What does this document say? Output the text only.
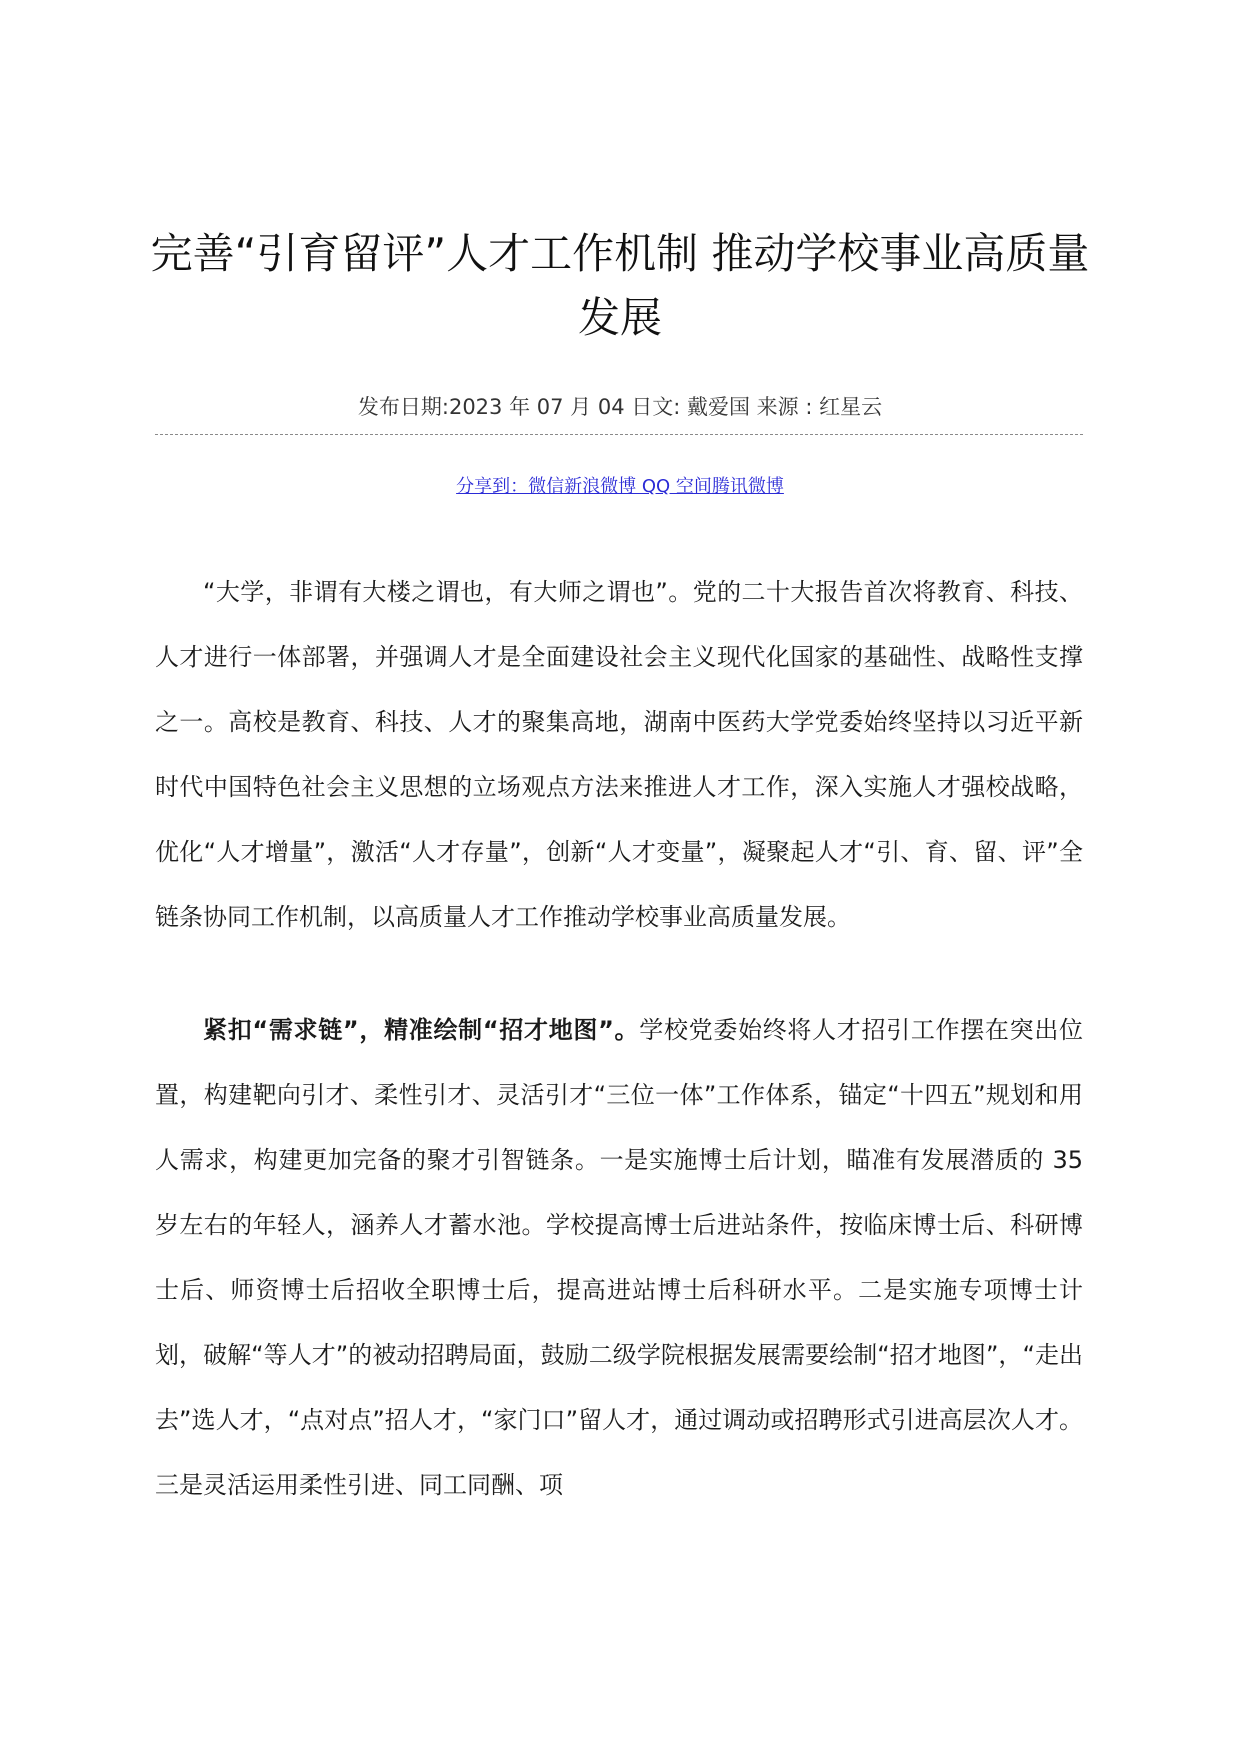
完善“引育留评”人才工作机制 推动学校事业高质量发展
发布日期:2023 年 07 月 04 日文: 戴爱国 来源 : 红星云
分享到：微信新浪微博 QQ 空间腾讯微博

“大学，非谓有大楼之谓也，有大师之谓也”。党的二十大报告首次将教育、科技、人才进行一体部署，并强调人才是全面建设社会主义现代化国家的基础性、战略性支撑之一。高校是教育、科技、人才的聚集高地，湖南中医药大学党委始终坚持以习近平新时代中国特色社会主义思想的立场观点方法来推进人才工作，深入实施人才强校战略，优化“人才增量”，激活“人才存量”，创新“人才变量”，凝聚起人才“引、育、留、评”全链条协同工作机制，以高质量人才工作推动学校事业高质量发展。

紧扣“需求链”，精准绘制“招才地图”。学校党委始终将人才招引工作摆在突出位置，构建靶向引才、柔性引才、灵活引才“三位一体”工作体系，锚定“十四五”规划和用人需求，构建更加完备的聚才引智链条。一是实施博士后计划，瞄准有发展潜质的 35 岁左右的年轻人，涵养人才蓄水池。学校提高博士后进站条件，按临床博士后、科研博士后、师资博士后招收全职博士后，提高进站博士后科研水平。二是实施专项博士计划，破解“等人才”的被动招聘局面，鼓励二级学院根据发展需要绘制“招才地图”，“走出去”选人才，“点对点”招人才，“家门口”留人才，通过调动或招聘形式引进高层次人才。三是灵活运用柔性引进、同工同酬、项
